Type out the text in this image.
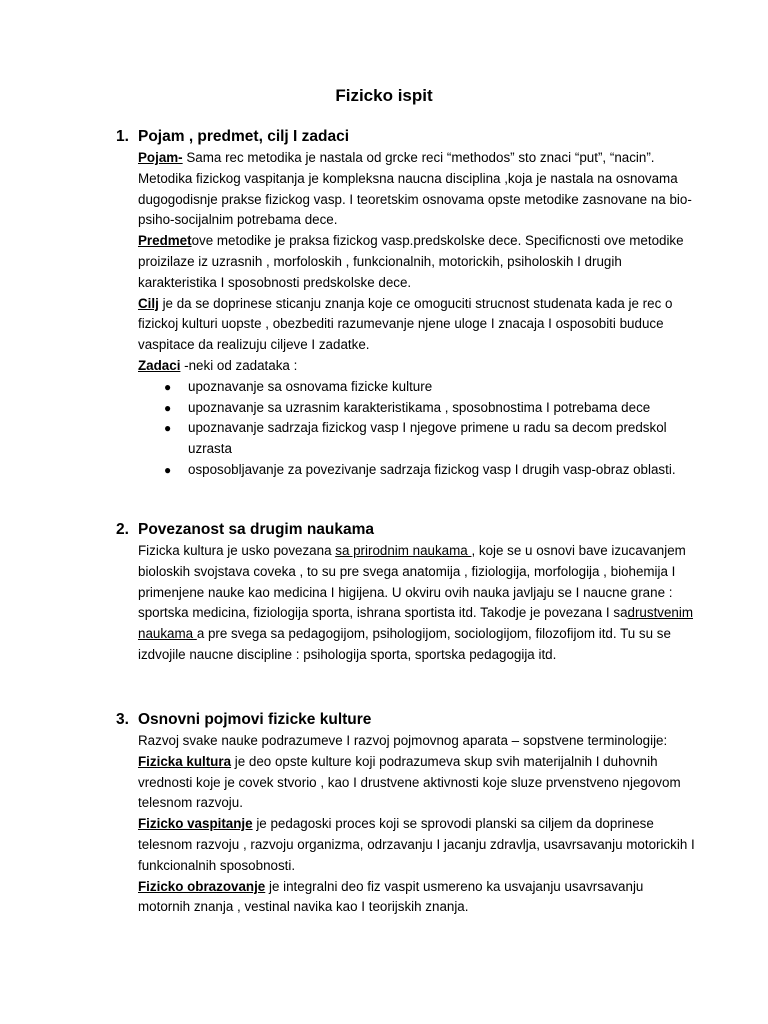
Fizicko ispit
1. Pojam , predmet, cilj I zadaci

Pojam- Sama rec metodika je nastala od grcke reci “methodos” sto znaci “put”, “nacin”. Metodika fizickog vaspitanja je kompleksna naucna disciplina ,koja je nastala na osnovama dugogodisnje prakse fizickog vasp. I teoretskim osnovama opste metodike zasnovane na bio-psiho-socijalnim potrebama dece.

Predmetove metodike je praksa fizickog vasp.predskolske dece. Specificnosti ove metodike proizilaze iz uzrasnih , morfoloskih , funkcionalnih, motorickih, psiholoskih I drugih karakteristika I sposobnosti predskolske dece.

Cilj je da se doprinese sticanju znanja koje ce omoguciti strucnost studenata kada je rec o fizickoj kulturi uopste , obezbediti razumevanje njene uloge I znacaja I osposobiti buduce vaspitace da realizuju ciljeve I zadatke.

Zadaci -neki od zadataka :

● upoznavanje sa osnovama fizicke kulture
● upoznavanje sa uzrasnim karakteristikama , sposobnostima I potrebama dece
● upoznavanje sadrzaja fizickog vasp I njegove primene u radu sa decom predskol uzrasta
● osposobljavanje za povezivanje sadrzaja fizickog vasp I drugih vasp-obraz oblasti.
2. Povezanost sa drugim naukama

Fizicka kultura je usko povezana sa prirodnim naukama , koje se u osnovi bave izucavanjem bioloskih svojstava coveka , to su pre svega anatomija , fiziologija, morfologija , biohemija I primenjene nauke kao medicina I higijena. U okviru ovih nauka javljaju se I naucne grane : sportska medicina, fiziologija sporta, ishrana sportista itd. Takodje je povezana I sadrustvenim naukama a pre svega sa pedagogijom, psihologijom, sociologijom, filozofijom itd. Tu su se izdvojile naucne discipline : psihologija sporta, sportska pedagogija itd.

3. Osnovni pojmovi fizicke kulture

Razvoj svake nauke podrazumeve I razvoj pojmovnog aparata – sopstvene terminologije:

Fizicka kultura je deo opste kulture koji podrazumeva skup svih materijalnih I duhovnih vrednosti koje je covek stvorio , kao I drustvene aktivnosti koje sluze prvenstveno njegovom telesnom razvoju.

Fizicko vaspitanje je pedagoski proces koji se sprovodi planski sa ciljem da doprinese telesnom razvoju , razvoju organizma, odrzavanju I jacanju zdravlja, usavrsavanju motorickih I funkcionalnih sposobnosti.

Fizicko obrazovanje je integralni deo fiz vaspit usmereno ka usvajanju usavrsavanju motornih znanja , vestinal navika kao I teorijskih znanja.
